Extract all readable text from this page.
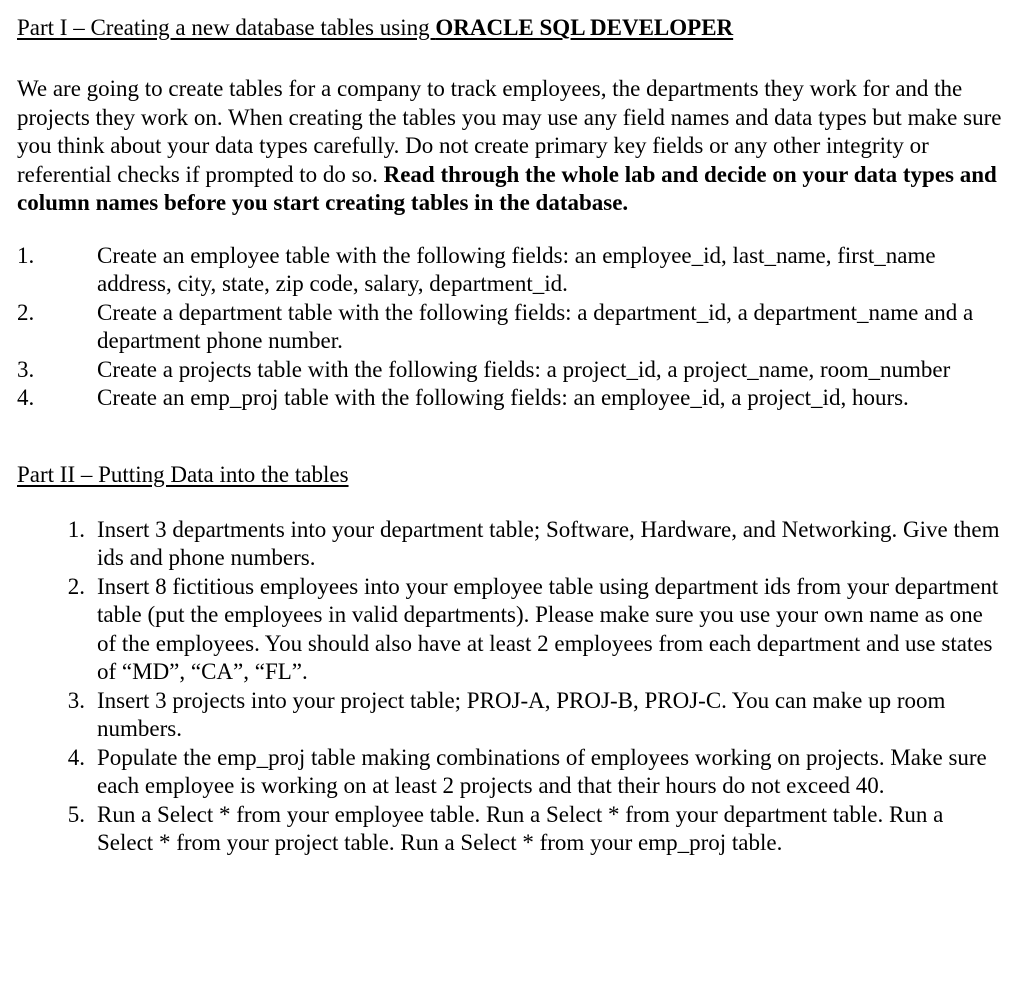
Part I – Creating a new database tables using ORACLE SQL DEVELOPER

We are going to create tables for a company to track employees, the departments they work for and the projects they work on. When creating the tables you may use any field names and data types but make sure you think about your data types carefully. Do not create primary key fields or any other integrity or referential checks if prompted to do so. Read through the whole lab and decide on your data types and column names before you start creating tables in the database.

1.	Create an employee table with the following fields: an employee_id, last_name, first_name address, city, state, zip code, salary, department_id.
2.	Create a department table with the following fields: a department_id, a department_name and a department phone number.
3.	Create a projects table with the following fields: a project_id, a project_name, room_number
4.	Create an emp_proj table with the following fields: an employee_id, a project_id, hours.

Part II – Putting Data into the tables

1. Insert 3 departments into your department table; Software, Hardware, and Networking. Give them ids and phone numbers.
2. Insert 8 fictitious employees into your employee table using department ids from your department table (put the employees in valid departments). Please make sure you use your own name as one of the employees. You should also have at least 2 employees from each department and use states of “MD”, “CA”, “FL”.
3. Insert 3 projects into your project table; PROJ-A, PROJ-B, PROJ-C. You can make up room numbers.
4. Populate the emp_proj table making combinations of employees working on projects. Make sure each employee is working on at least 2 projects and that their hours do not exceed 40.
5. Run a Select * from your employee table. Run a Select * from your department table. Run a Select * from your project table. Run a Select * from your emp_proj table.
